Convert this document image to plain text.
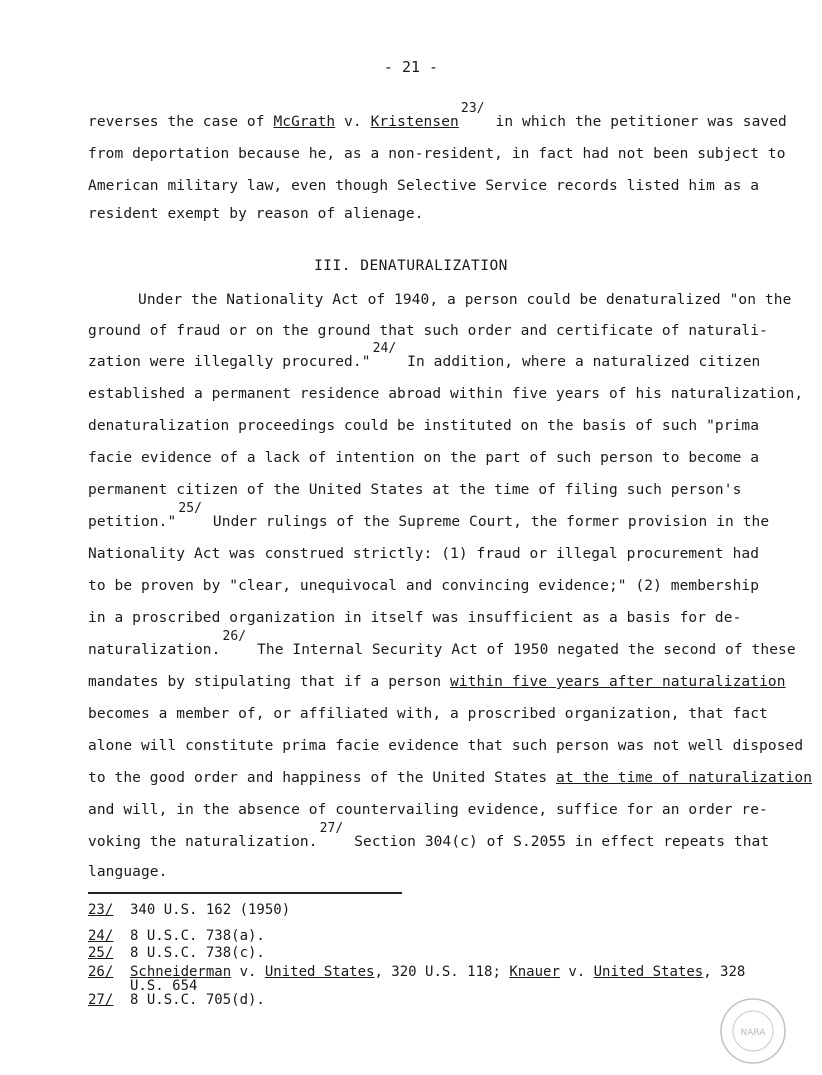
- 21 -
reverses the case of McGrath v. Kristensen$^{23/}$ in which the petitioner was saved
from deportation because he, as a non-resident, in fact had not been subject to
American military law, even though Selective Service records listed him as a
resident exempt by reason of alienage.
III. DENATURALIZATION
Under the Nationality Act of 1940, a person could be denaturalized "on the
ground of fraud or on the ground that such order and certificate of naturali-
zation were illegally procured."$^{24/}$ In addition, where a naturalized citizen
established a permanent residence abroad within five years of his naturalization,
denaturalization proceedings could be instituted on the basis of such "prima
facie evidence of a lack of intention on the part of such person to become a
permanent citizen of the United States at the time of filing such person's
petition."$^{25/}$ Under rulings of the Supreme Court, the former provision in the
Nationality Act was construed strictly: (1) fraud or illegal procurement had
to be proven by "clear, unequivocal and convincing evidence;" (2) membership
in a proscribed organization in itself was insufficient as a basis for de-
naturalization.$^{26/}$ The Internal Security Act of 1950 negated the second of these
mandates by stipulating that if a person within five years after naturalization
becomes a member of, or affiliated with, a proscribed organization, that fact
alone will constitute prima facie evidence that such person was not well disposed
to the good order and happiness of the United States at the time of naturalization
and will, in the absence of countervailing evidence, suffice for an order re-
voking the naturalization.$^{27/}$ Section 304(c) of S.2055 in effect repeats that
language.
23/ 340 U.S. 162 (1950)
24/ 8 U.S.C. 738(a).
25/ 8 U.S.C. 738(c).
26/ Schneiderman v. United States, 320 U.S. 118; Knauer v. United States, 328
U.S. 654
27/ 8 U.S.C. 705(d).
NARA
